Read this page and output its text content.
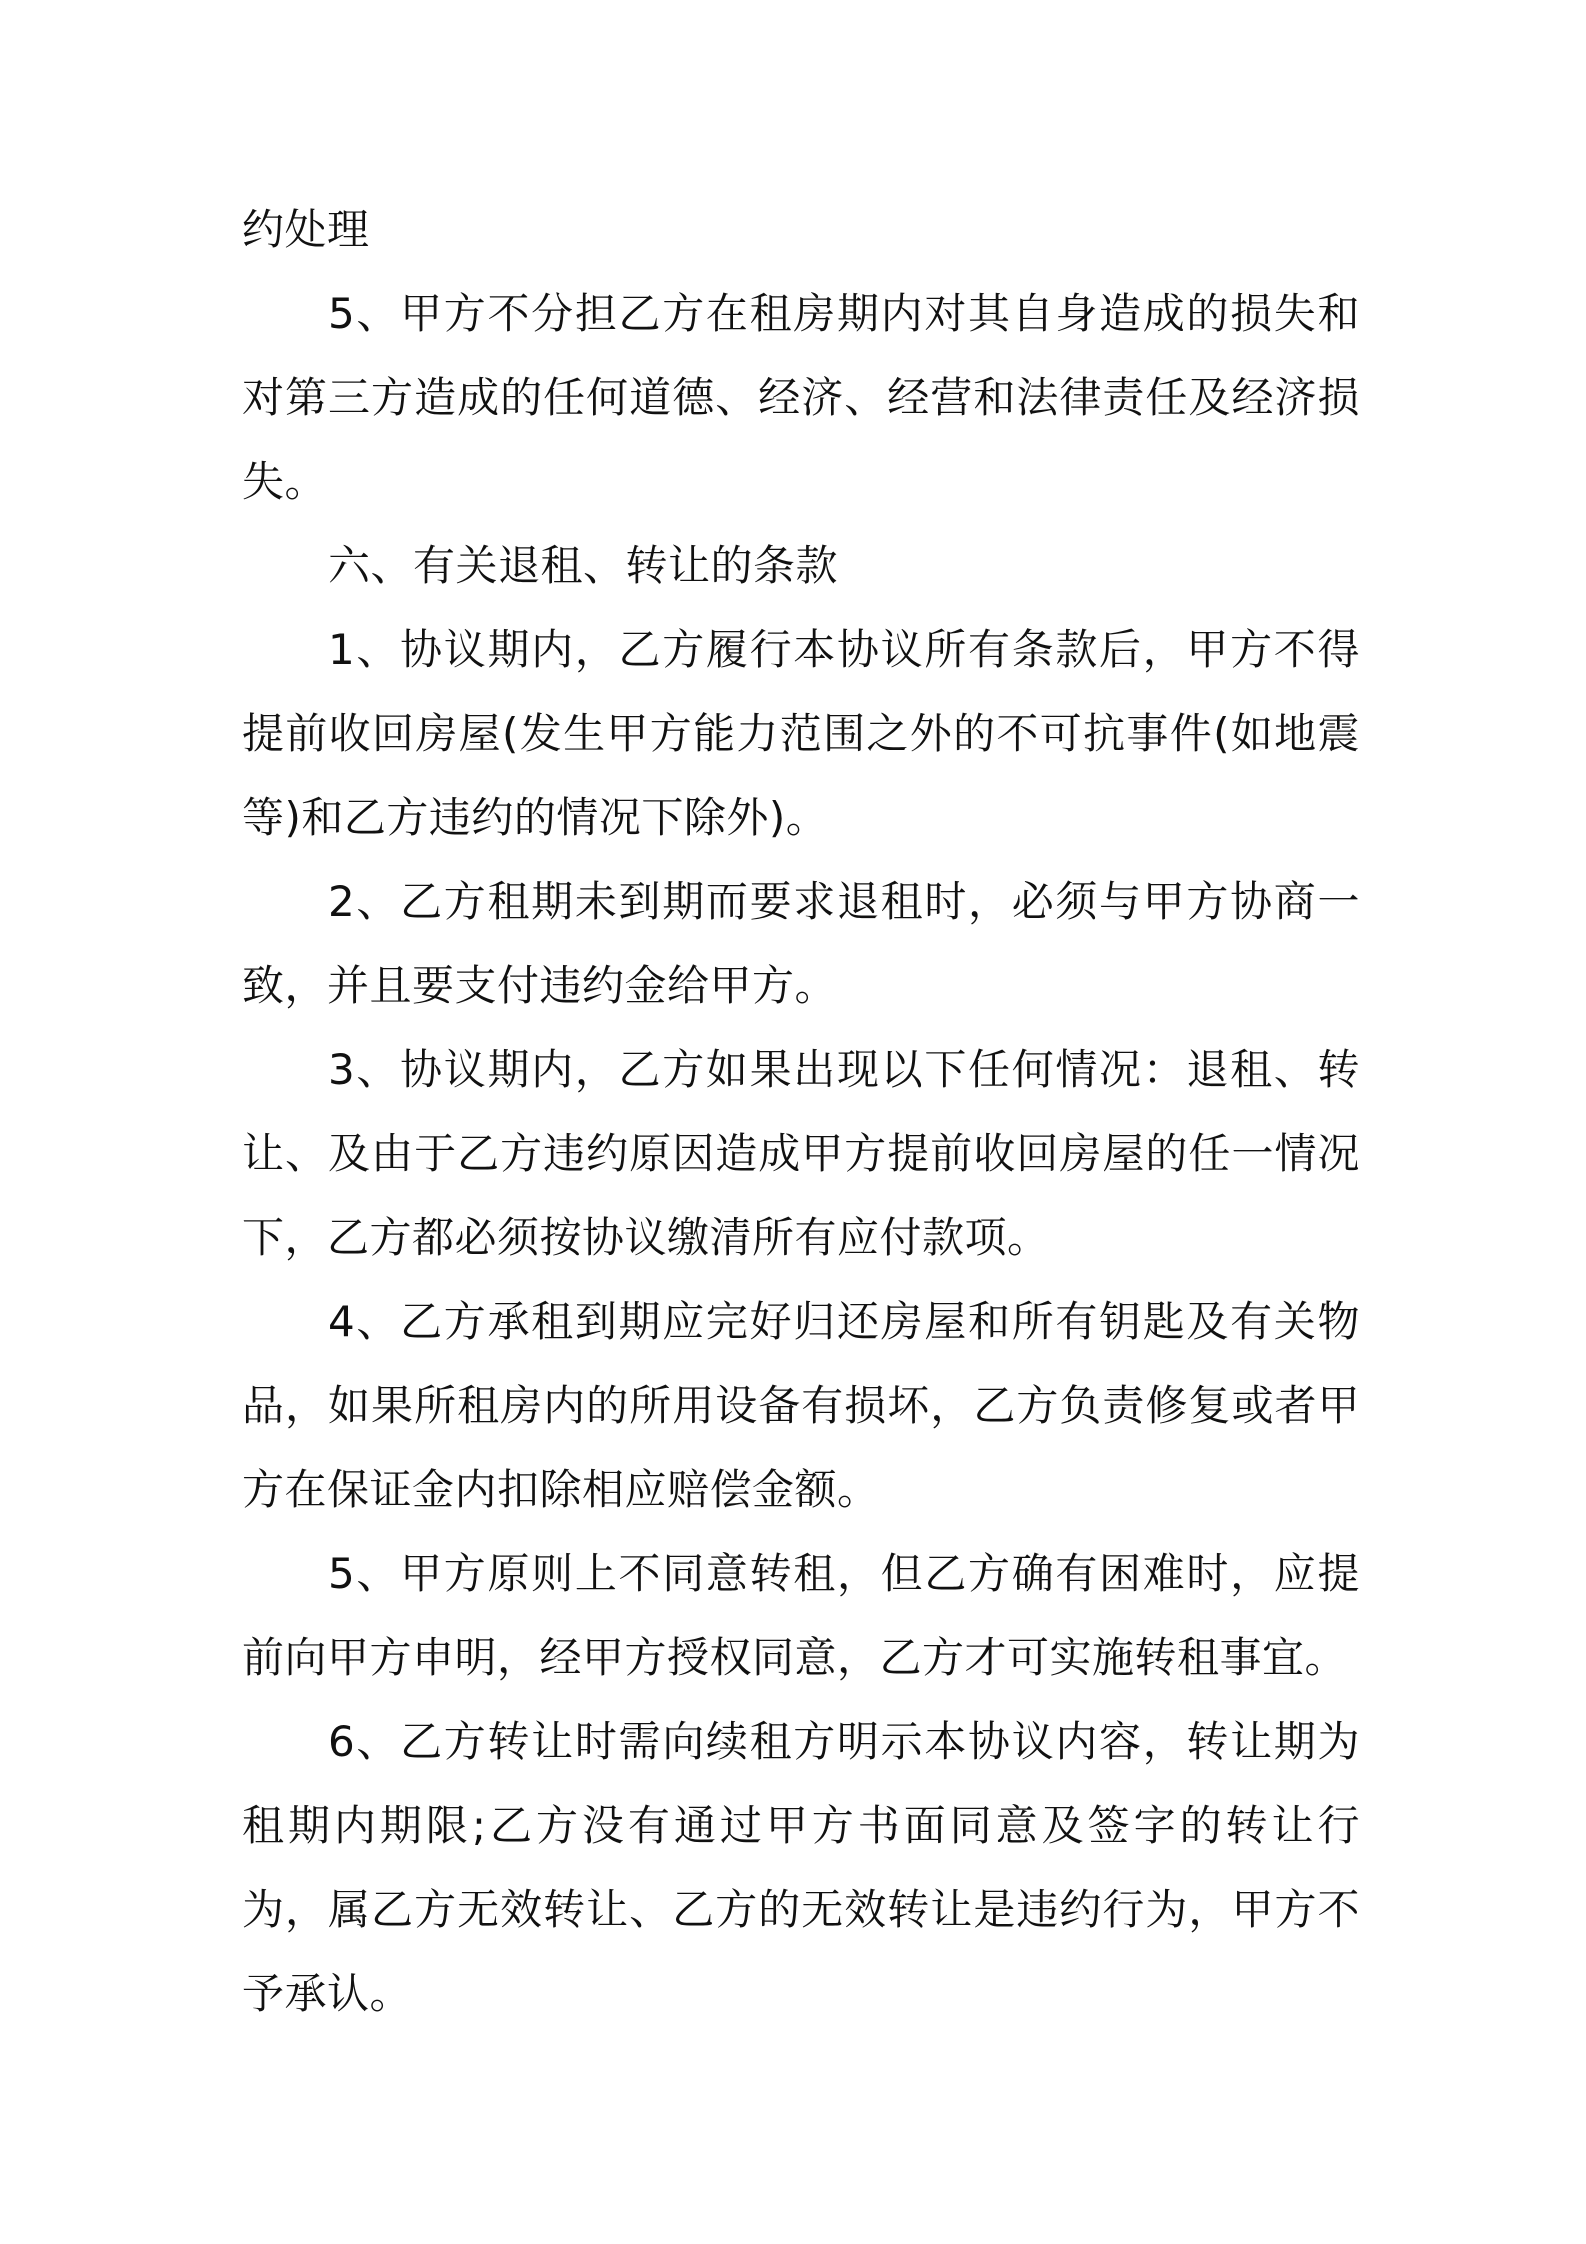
约处理

5、甲方不分担乙方在租房期内对其自身造成的损失和对第三方造成的任何道德、经济、经营和法律责任及经济损失。

六、有关退租、转让的条款

1、协议期内，乙方履行本协议所有条款后，甲方不得提前收回房屋(发生甲方能力范围之外的不可抗事件(如地震等)和乙方违约的情况下除外)。

2、乙方租期未到期而要求退租时，必须与甲方协商一致，并且要支付违约金给甲方。

3、协议期内，乙方如果出现以下任何情况：退租、转让、及由于乙方违约原因造成甲方提前收回房屋的任一情况下，乙方都必须按协议缴清所有应付款项。

4、乙方承租到期应完好归还房屋和所有钥匙及有关物品，如果所租房内的所用设备有损坏，乙方负责修复或者甲方在保证金内扣除相应赔偿金额。

5、甲方原则上不同意转租，但乙方确有困难时，应提前向甲方申明，经甲方授权同意，乙方才可实施转租事宜。

6、乙方转让时需向续租方明示本协议内容，转让期为租期内期限;乙方没有通过甲方书面同意及签字的转让行为，属乙方无效转让、乙方的无效转让是违约行为，甲方不予承认。
